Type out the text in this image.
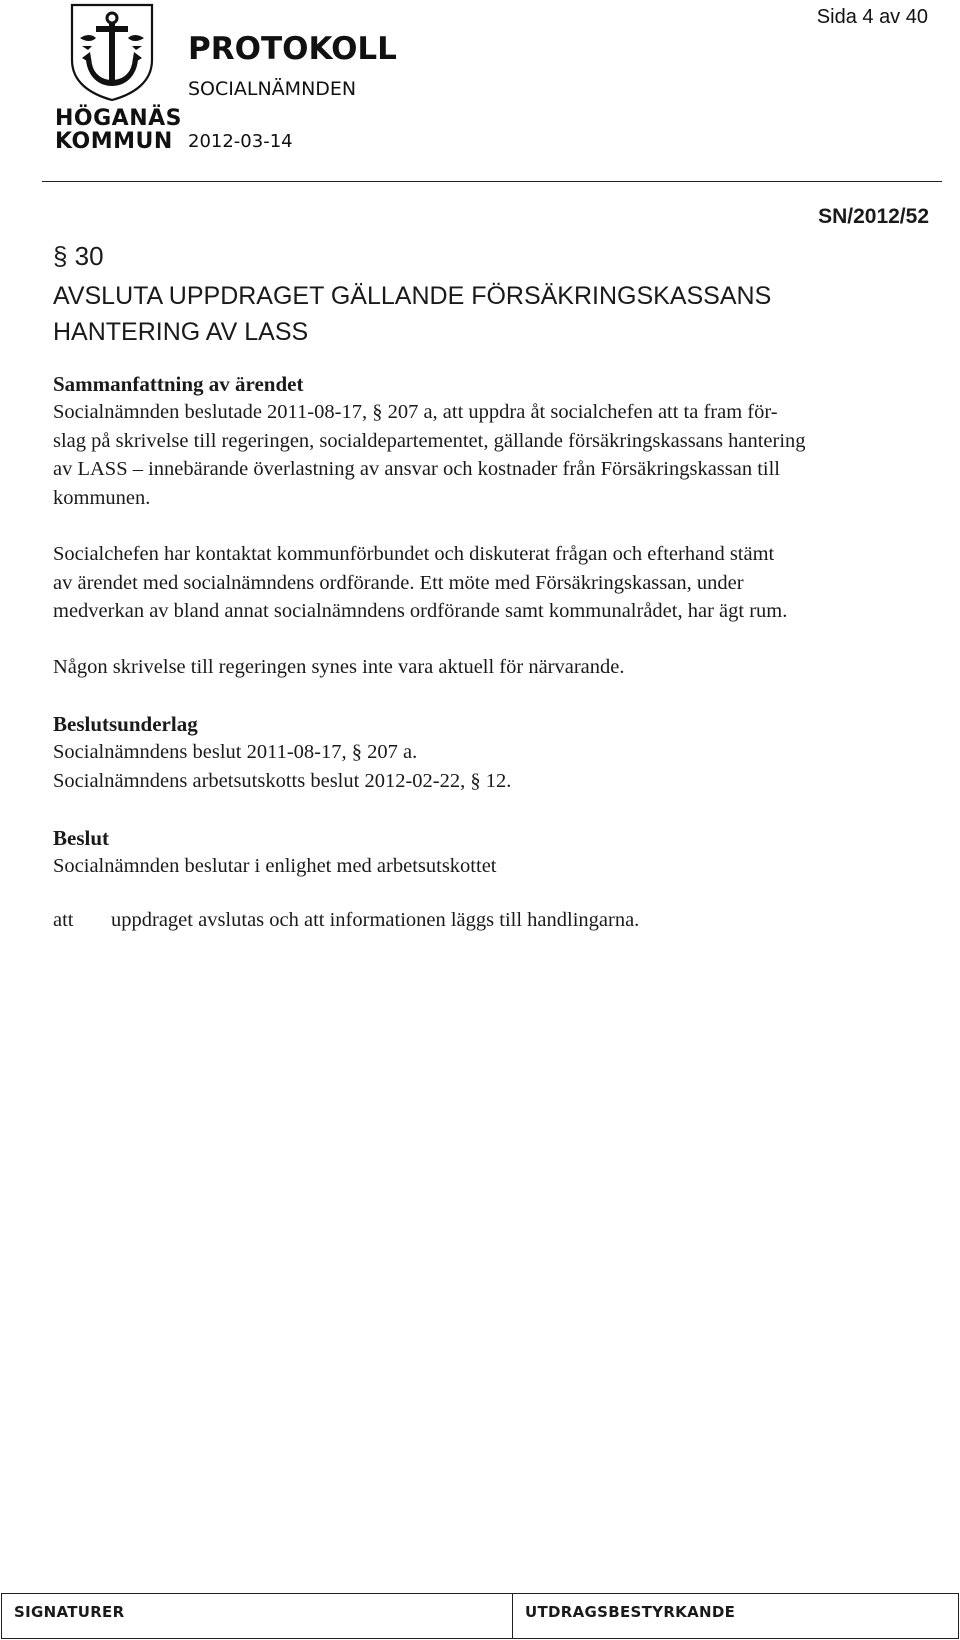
HÖGANÄS
KOMMUN
PROTOKOLL
SOCIALNÄMNDEN
2012-03-14
Sida 4 av 40
SN/2012/52
§ 30
AVSLUTA UPPDRAGET GÄLLANDE FÖRSÄKRINGSKASSANS
HANTERING AV LASS
Sammanfattning av ärendet
Socialnämnden beslutade 2011-08-17, § 207 a, att uppdra åt socialchefen att ta fram för-
slag på skrivelse till regeringen, socialdepartementet, gällande försäkringskassans hantering
av LASS – innebärande överlastning av ansvar och kostnader från Försäkringskassan till
kommunen.
Socialchefen har kontaktat kommunförbundet och diskuterat frågan och efterhand stämt
av ärendet med socialnämndens ordförande. Ett möte med Försäkringskassan, under
medverkan av bland annat socialnämndens ordförande samt kommunalrådet, har ägt rum.
Någon skrivelse till regeringen synes inte vara aktuell för närvarande.
Beslutsunderlag
Socialnämndens beslut 2011-08-17, § 207 a.
Socialnämndens arbetsutskotts beslut 2012-02-22, § 12.
Beslut
Socialnämnden beslutar i enlighet med arbetsutskottet
att uppdraget avslutas och att informationen läggs till handlingarna.
SIGNATURER	UTDRAGSBESTYRKANDE
